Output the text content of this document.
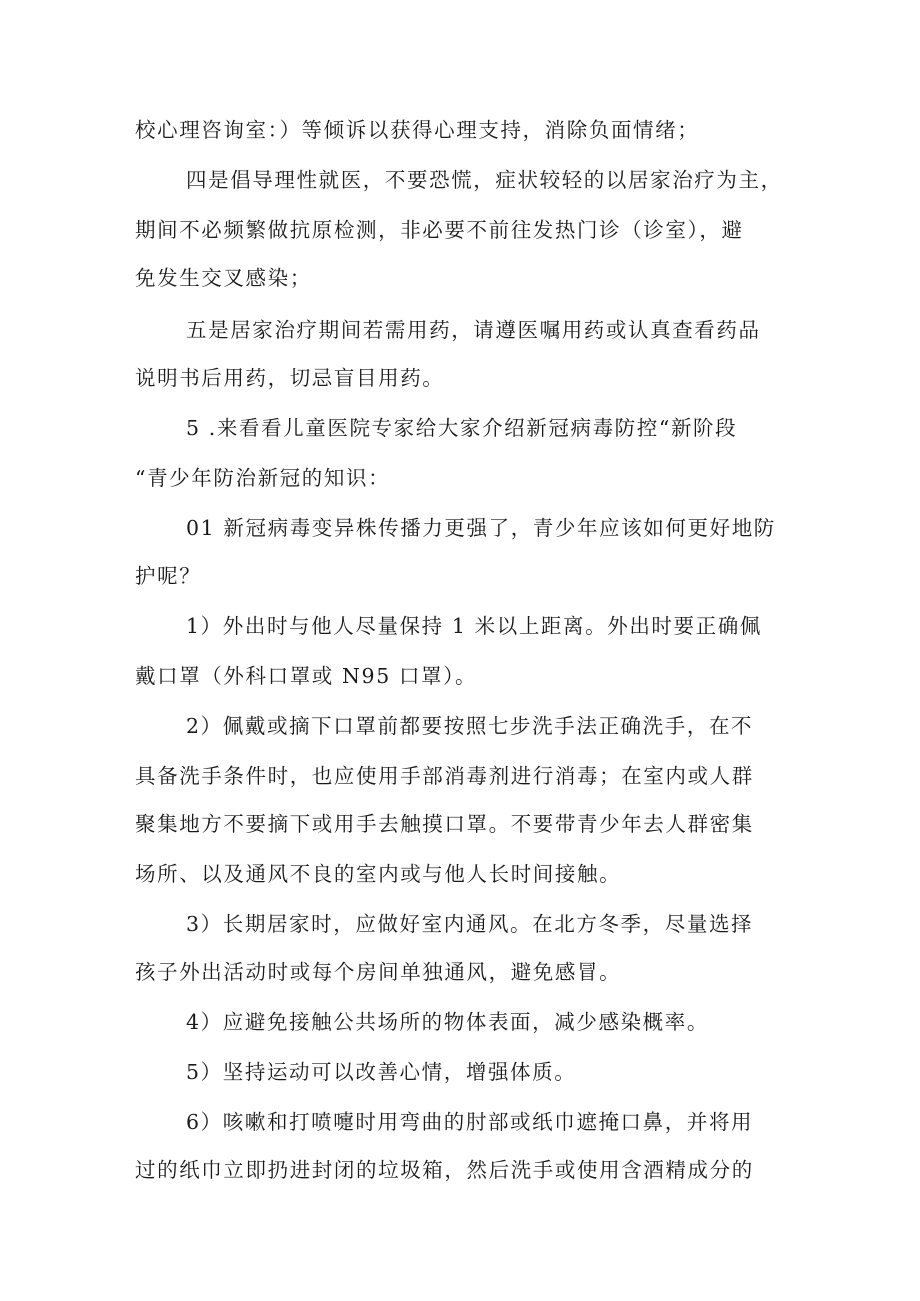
校心理咨询室：）等倾诉以获得心理支持，消除负面情绪；
四是倡导理性就医，不要恐慌，症状较轻的以居家治疗为主，
期间不必频繁做抗原检测，非必要不前往发热门诊（诊室），避
免发生交叉感染；
五是居家治疗期间若需用药，请遵医嘱用药或认真查看药品
说明书后用药，切忌盲目用药。
5 .来看看儿童医院专家给大家介绍新冠病毒防控“新阶段
“青少年防治新冠的知识：
01 新冠病毒变异株传播力更强了，青少年应该如何更好地防
护呢？
1）外出时与他人尽量保持 1 米以上距离。外出时要正确佩
戴口罩（外科口罩或 N95 口罩）。
2）佩戴或摘下口罩前都要按照七步洗手法正确洗手，在不
具备洗手条件时，也应使用手部消毒剂进行消毒；在室内或人群
聚集地方不要摘下或用手去触摸口罩。不要带青少年去人群密集
场所、以及通风不良的室内或与他人长时间接触。
3）长期居家时，应做好室内通风。在北方冬季，尽量选择
孩子外出活动时或每个房间单独通风，避免感冒。
4）应避免接触公共场所的物体表面，减少感染概率。
5）坚持运动可以改善心情，增强体质。
6）咳嗽和打喷嚏时用弯曲的肘部或纸巾遮掩口鼻，并将用
过的纸巾立即扔进封闭的垃圾箱，然后洗手或使用含酒精成分的
